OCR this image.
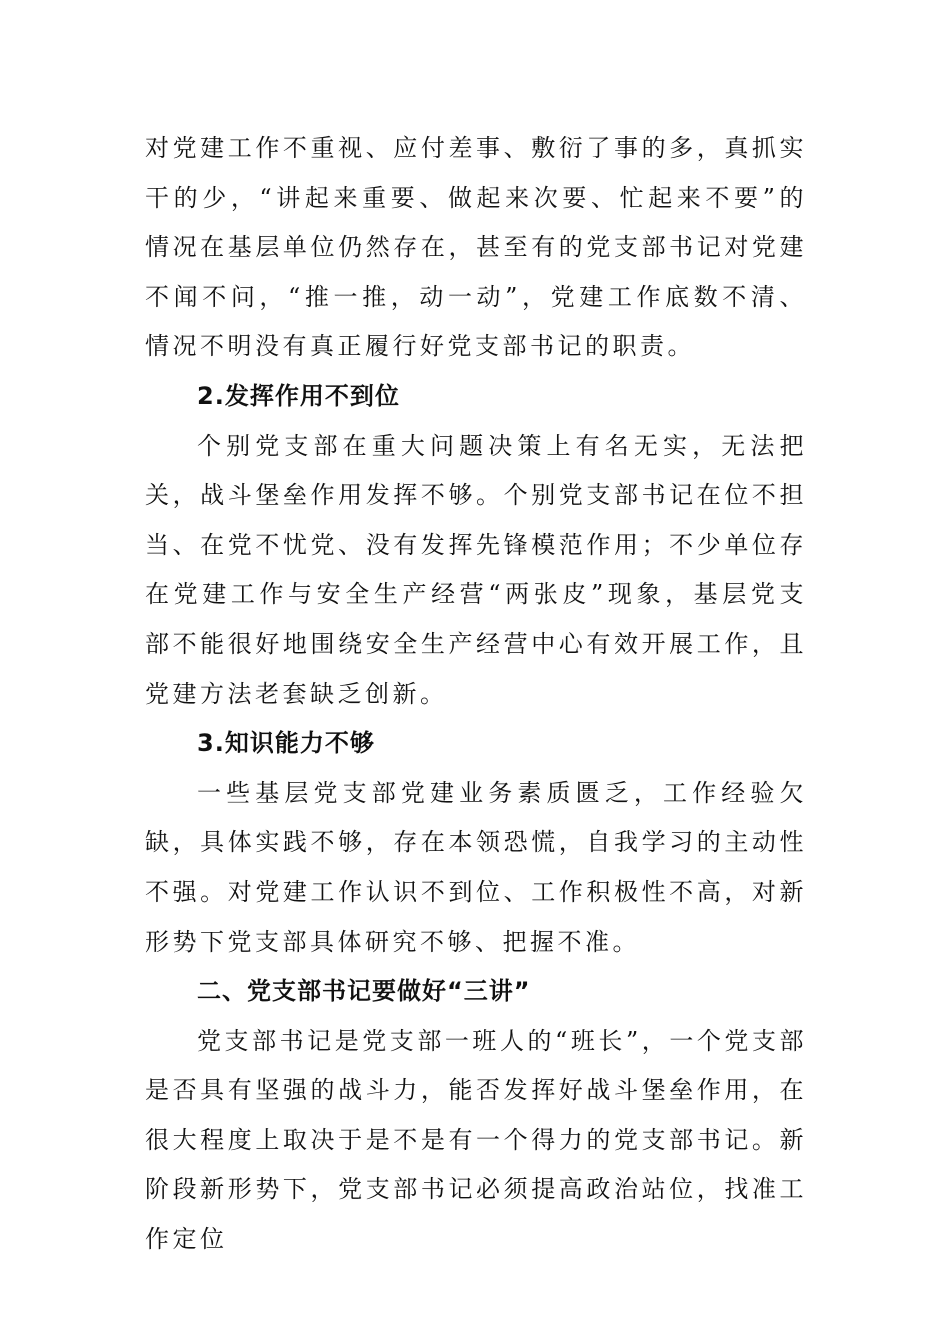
对党建工作不重视、应付差事、敷衍了事的多，真抓实干的少，“讲起来重要、做起来次要、忙起来不要”的情况在基层单位仍然存在，甚至有的党支部书记对党建不闻不问，“推一推，动一动”，党建工作底数不清、情况不明没有真正履行好党支部书记的职责。

2.发挥作用不到位

个别党支部在重大问题决策上有名无实，无法把关，战斗堡垒作用发挥不够。个别党支部书记在位不担当、在党不忧党、没有发挥先锋模范作用；不少单位存在党建工作与安全生产经营“两张皮”现象，基层党支部不能很好地围绕安全生产经营中心有效开展工作，且党建方法老套缺乏创新。

3.知识能力不够

一些基层党支部党建业务素质匮乏，工作经验欠缺，具体实践不够，存在本领恐慌，自我学习的主动性不强。对党建工作认识不到位、工作积极性不高，对新形势下党支部具体研究不够、把握不准。

二、党支部书记要做好“三讲”

党支部书记是党支部一班人的“班长”，一个党支部是否具有坚强的战斗力，能否发挥好战斗堡垒作用，在很大程度上取决于是不是有一个得力的党支部书记。新阶段新形势下，党支部书记必须提高政治站位，找准工作定位
